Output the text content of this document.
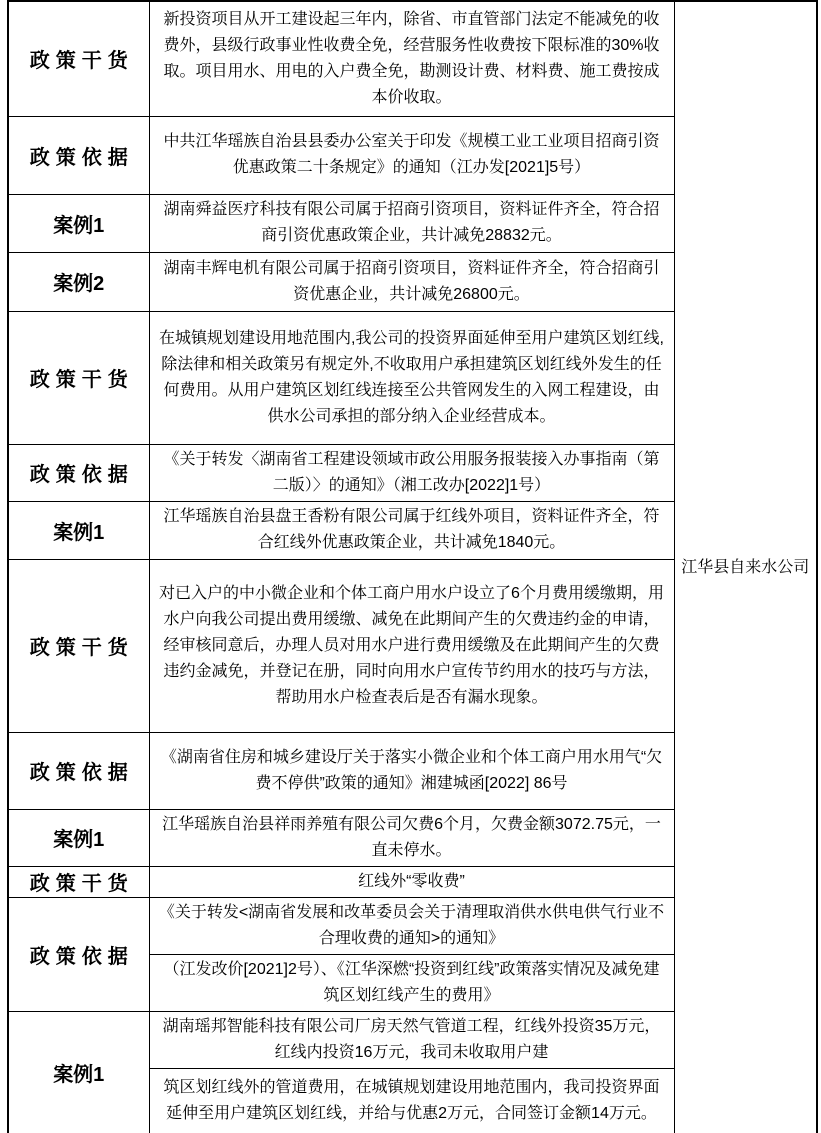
政策干货	新投资项目从开工建设起三年内，除省、市直管部门法定不能减免的收费外，县级行政事业性收费全免，经营服务性收费按下限标准的30%收取。项目用水、用电的入户费全免，勘测设计费、材料费、施工费按成本价收取。	江华县自来水公司
政策依据	中共江华瑶族自治县县委办公室关于印发《规模工业工业项目招商引资优惠政策二十条规定》的通知（江办发[2021]5号）	
案例1	湖南舜益医疗科技有限公司属于招商引资项目，资料证件齐全，符合招商引资优惠政策企业，共计减免28832元。	
案例2	湖南丰辉电机有限公司属于招商引资项目，资料证件齐全，符合招商引资优惠企业，共计减免26800元。	
政策干货	在城镇规划建设用地范围内,我公司的投资界面延伸至用户建筑区划红线,除法律和相关政策另有规定外,不收取用户承担建筑区划红线外发生的任何费用。从用户建筑区划红线连接至公共管网发生的入网工程建设，由供水公司承担的部分纳入企业经营成本。	
政策依据	《关于转发〈湖南省工程建设领域市政公用服务报装接入办事指南（第二版）〉的通知》（湘工改办[2022]1号）	
案例1	江华瑶族自治县盘王香粉有限公司属于红线外项目，资料证件齐全，符合红线外优惠政策企业，共计减免1840元。	
政策干货	对已入户的中小微企业和个体工商户用水户设立了6个月费用缓缴期，用水户向我公司提出费用缓缴、减免在此期间产生的欠费违约金的申请，经审核同意后，办理人员对用水户进行费用缓缴及在此期间产生的欠费违约金减免，并登记在册，同时向用水户宣传节约用水的技巧与方法，帮助用水户检查表后是否有漏水现象。	
政策依据	《湖南省住房和城乡建设厅关于落实小微企业和个体工商户用水用气“欠费不停供”政策的通知》湘建城函[2022] 86号	
案例1	江华瑶族自治县祥雨养殖有限公司欠费6个月，欠费金额3072.75元，一直未停水。	
政策干货	红线外“零收费”	
政策依据	《关于转发<湖南省发展和改革委员会关于清理取消供水供电供气行业不合理收费的通知>的通知》	
	（江发改价[2021]2号）、《江华深燃“投资到红线”政策落实情况及减免建筑区划红线产生的费用》	
案例1	湖南瑶邦智能科技有限公司厂房天然气管道工程，红线外投资35万元，红线内投资16万元，我司未收取用户建	
	筑区划红线外的管道费用，在城镇规划建设用地范围内，我司投资界面延伸至用户建筑区划红线，并给与优惠2万元，合同签订金额14万元。	
